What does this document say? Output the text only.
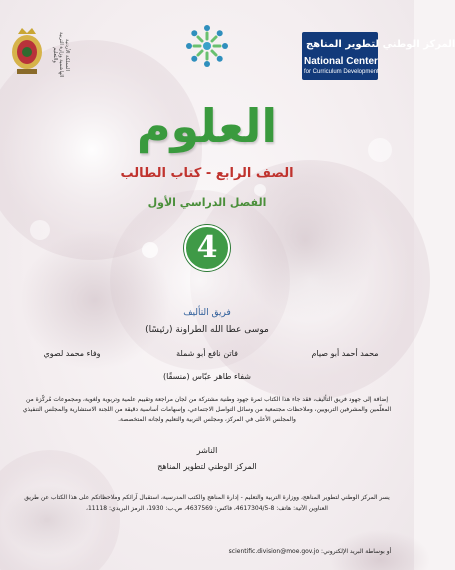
المملكة الأردنية الهاشمية وزارة التربية والتعليم
المركز الوطني لتطوير المناهج
National Center
for Curriculum Development
العلوم
الصف الرابع - كتاب الطالب
الفصل الدراسي الأول
4
فريق التأليف
موسى عطا الله الطراونة (رئيسًا)
محمد أحمد أبو صيام
فاتن نافع أبو شملة
وفاء محمد لصوي
شفاء طاهر عبّاس (منسقًا)
إضافة إلى جهود فريق التأليف، فقد جاء هذا الكتاب ثمرة جهود وطنية مشتركة من لجان مراجعة وتقييم علمية وتربوية ولغوية، ومجموعات مُركّزة من المعلّمين والمشرفين التربويين، وملاحظات مجتمعية من وسائل التواصل الاجتماعي، وإسهامات أساسية دقيقة من اللجنة الاستشارية والمجلس التنفيذي والمجلس الأعلى في المركز، ومجلس التربية والتعليم ولجانه المتخصصة.
الناشر
المركز الوطني لتطوير المناهج
يسر المركز الوطني لتطوير المناهج، ووزارة التربية والتعليم - إدارة المناهج والكتب المدرسية، استقبال آرائكم وملاحظاتكم على هذا الكتاب عن طريق العناوين الآتية: هاتف: 8-4617304/5، فاكس: 4637569، ص.ب: 1930، الرمز البريدي: 11118،
أو بوساطة البريد الإلكتروني: scientific.division@moe.gov.jo
